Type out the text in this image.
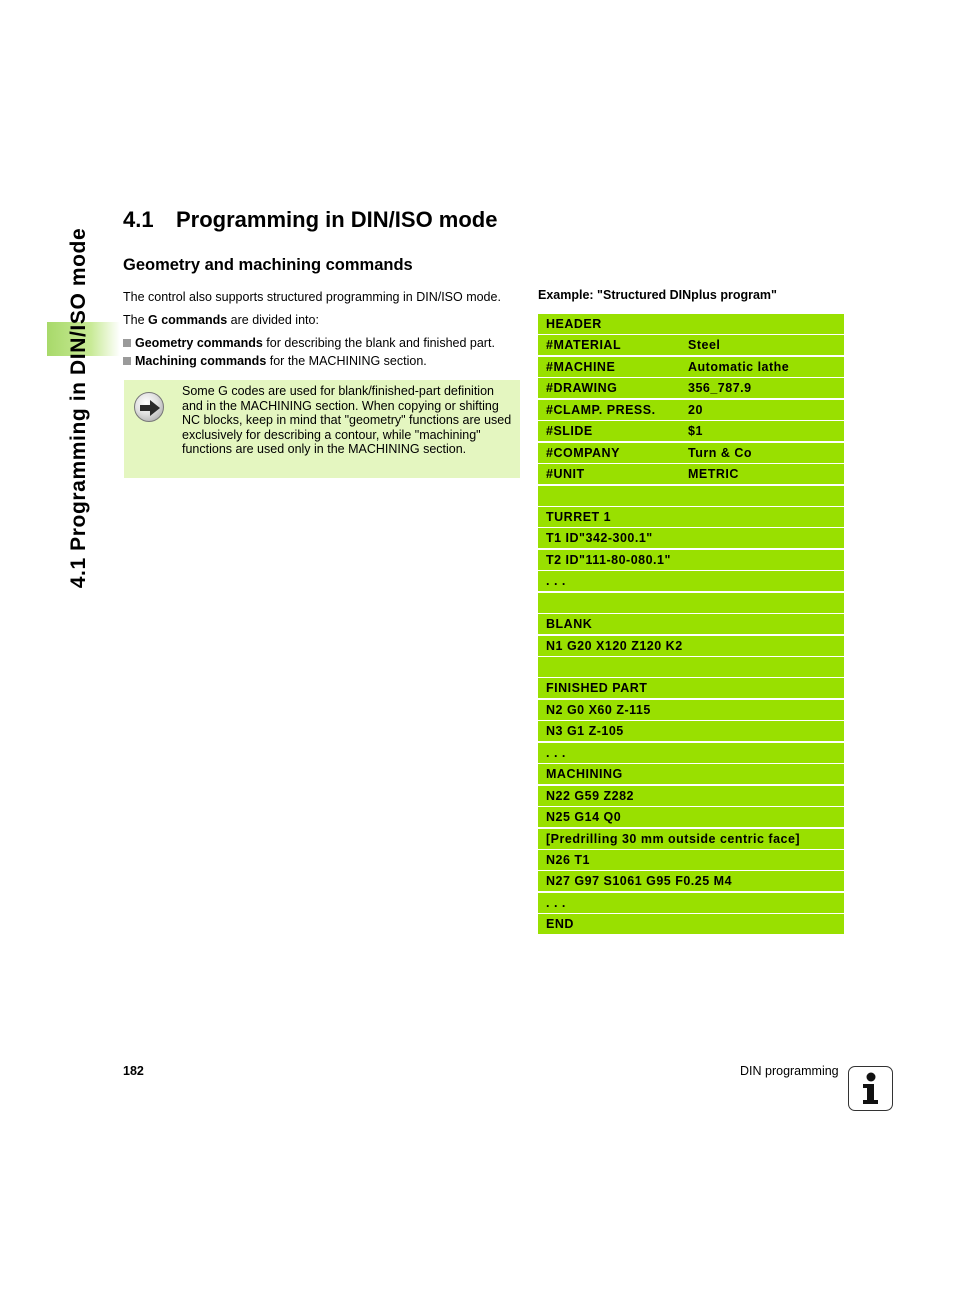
4.1 Programming in DIN/ISO mode
4.1 Programming in DIN/ISO mode
Geometry and machining commands

The control also supports structured programming in DIN/ISO mode.

The G commands are divided into:

Geometry commands for describing the blank and finished part.

Machining commands for the MACHINING section.

Some G codes are used for blank/finished-part definition and in the MACHINING section. When copying or shifting NC blocks, keep in mind that "geometry" functions are used exclusively for describing a contour, while "machining" functions are used only in the MACHINING section.

Example: "Structured DINplus program"

HEADER
#MATERIAL	Steel
#MACHINE	Automatic lathe
#DRAWING	356_787.9
#CLAMP. PRESS.	20
#SLIDE	$1
#COMPANY	Turn & Co
#UNIT	METRIC
TURRET 1
T1 ID"342-300.1"
T2 ID"111-80-080.1"
. . .
BLANK
N1 G20 X120 Z120 K2
FINISHED PART
N2 G0 X60 Z-115
N3 G1 Z-105
. . .
MACHINING
N22 G59 Z282
N25 G14 Q0
[Predrilling 30 mm outside centric face]
N26 T1
N27 G97 S1061 G95 F0.25 M4
. . .
END
182	DIN programming
